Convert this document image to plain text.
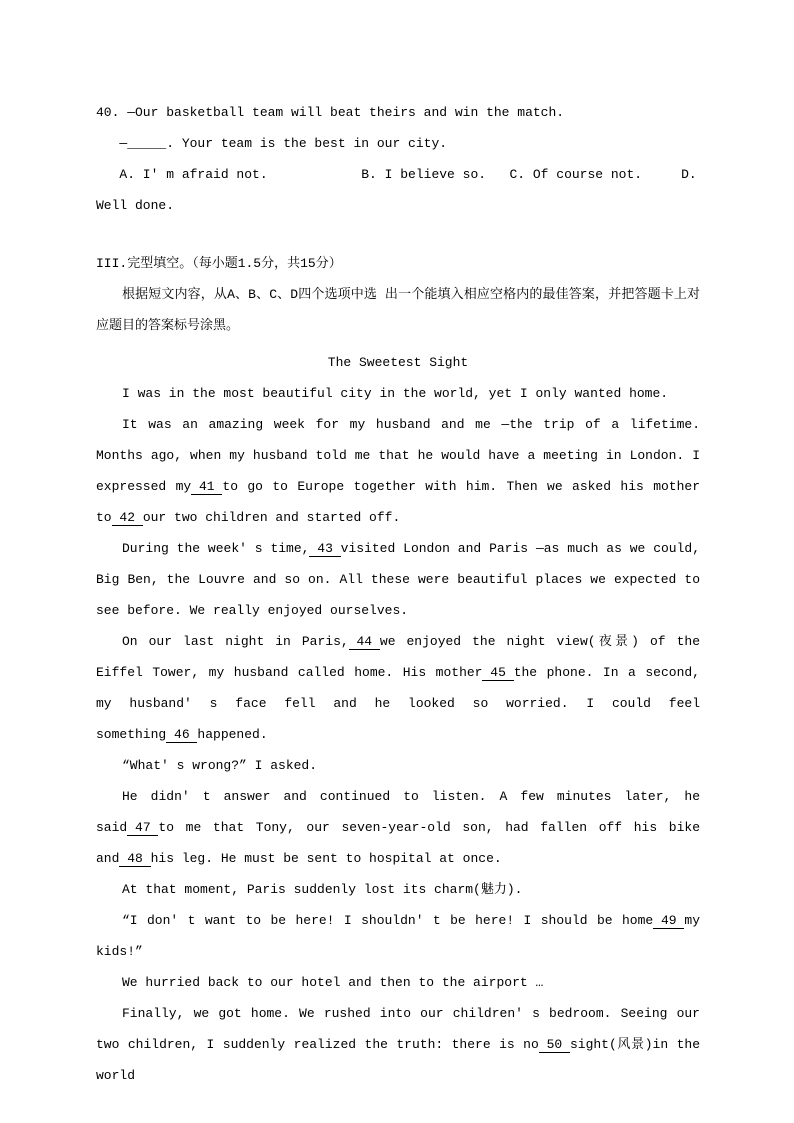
40. ―Our basketball team will beat theirs and win the match.
―_____. Your team is the best in our city.
A. I' m afraid not.            B. I believe so.   C. Of course not.     D.
Well done.
III.完型填空。（每小题1.5分，共15分）

根据短文内容，从A、B、C、D四个选项中选 出一个能填入相应空格内的最佳答案，并把答题卡上对应题目的答案标号涂黑。

The Sweetest Sight

I was in the most beautiful city in the world, yet I only wanted home.

It was an amazing week for my husband and me ―the trip of a lifetime. Months ago, when my husband told me that he would have a meeting in London. I expressed my 41 to go to Europe together with him. Then we asked his mother to 42 our two children and started off.

During the week' s time, 43 visited London and Paris ―as much as we could, Big Ben, the Louvre and so on. All these were beautiful places we expected to see before. We really enjoyed ourselves.

On our last night in Paris, 44 we enjoyed the night view(夜景) of the Eiffel Tower, my husband called home. His mother 45 the phone. In a second, my husband' s face fell and he looked so worried. I could feel something 46 happened.

“What' s wrong?” I asked.

He didn' t answer and continued to listen. A few minutes later, he said 47 to me that Tony, our seven-year-old son, had fallen off his bike and 48 his leg. He must be sent to hospital at once.

At that moment, Paris suddenly lost its charm(魅力).

“I don' t want to be here! I shouldn' t be here! I should be home 49 my kids!”

We hurried back to our hotel and then to the airport …

Finally, we got home. We rushed into our children' s bedroom. Seeing our two children, I suddenly realized the truth: there is no 50 sight(风景)in the world
